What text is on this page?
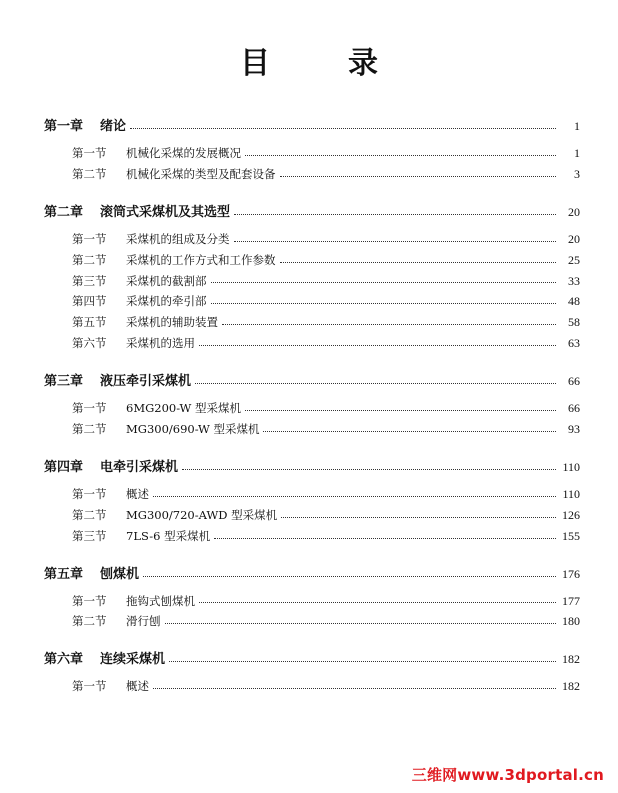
目	录
第一章	绪论	1
第一节	机械化采煤的发展概况	1
第二节	机械化采煤的类型及配套设备	3
第二章	滚筒式采煤机及其选型	20
第一节	采煤机的组成及分类	20
第二节	采煤机的工作方式和工作参数	25
第三节	采煤机的截割部	33
第四节	采煤机的牵引部	48
第五节	采煤机的辅助装置	58
第六节	采煤机的选用	63
第三章	液压牵引采煤机	66
第一节	6MG200-W 型采煤机	66
第二节	MG300/690-W 型采煤机	93
第四章	电牵引采煤机	110
第一节	概述	110
第二节	MG300/720-AWD 型采煤机	126
第三节	7LS-6 型采煤机	155
第五章	刨煤机	176
第一节	拖钩式刨煤机	177
第二节	滑行刨	180
第六章	连续采煤机	182
第一节	概述	182
三维网www.3dportal.cn
